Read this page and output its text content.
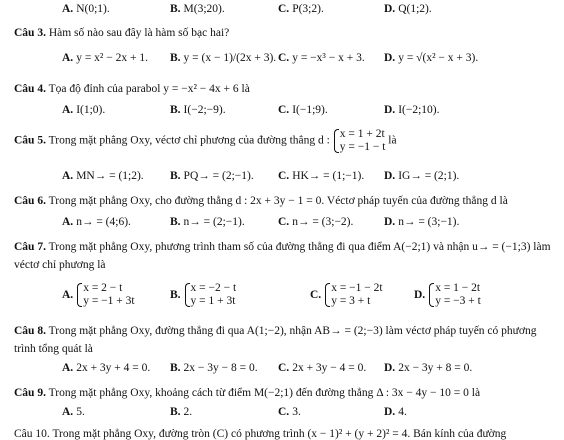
A. N(0;1).	B. M(3;20).	C. P(3;2).	D. Q(1;2).
Câu 3. Hàm số nào sau đây là hàm số bạc hai?
A. y = x² − 2x + 1. B. y = (x − 1)/(2x + 3). C. y = −x³ − x + 3. D. y = √(x² − x + 3).
Câu 4. Tọa độ đỉnh của parabol y = −x² − 4x + 6 là
A. I(1;0).	B. I(−2;−9).	C. I(−1;9).	D. I(−2;10).
Câu 5. Trong mặt phẳng Oxy, véctơ chỉ phương của đường thẳng d :
x = 1 + 2t
y = −1 − t
là
A. MN→ = (1;2). B. PQ→ = (2;−1). C. HK→ = (1;−1). D. IG→ = (2;1).
Câu 6. Trong mặt phẳng Oxy, cho đường thẳng d : 2x + 3y − 1 = 0. Véctơ pháp tuyến của đường thẳng d là
A. n→ = (4;6).	B. n→ = (2;−1).	C. n→ = (3;−2).	D. n→ = (3;−1).
Câu 7. Trong mặt phẳng Oxy, phương trình tham số của đường thẳng đi qua điểm A(−2;1) và nhận u→ = (−1;3) làm véctơ chỉ phương là
A.
x = 2 − t
y = −1 + 3t
B.
x = −2 − t
y = 1 + 3t
C.
x = −1 − 2t
y = 3 + t
D.
x = 1 − 2t
y = −3 + t
Câu 8. Trong mặt phẳng Oxy, đường thẳng đi qua A(1;−2), nhận AB→ = (2;−3) làm véctơ pháp tuyến có phương trình tổng quát là
A. 2x + 3y + 4 = 0. B. 2x − 3y − 8 = 0. C. 2x + 3y − 4 = 0. D. 2x − 3y + 8 = 0.
Câu 9. Trong mặt phẳng Oxy, khoảng cách từ điểm M(−2;1) đến đường thẳng Δ : 3x − 4y − 10 = 0 là
A. 5.	B. 2.	C. 3.	D. 4.
Câu 10. Trong mặt phẳng Oxy, đường tròn (C) có phương trình (x − 1)² + (y + 2)² = 4. Bán kính của đường
